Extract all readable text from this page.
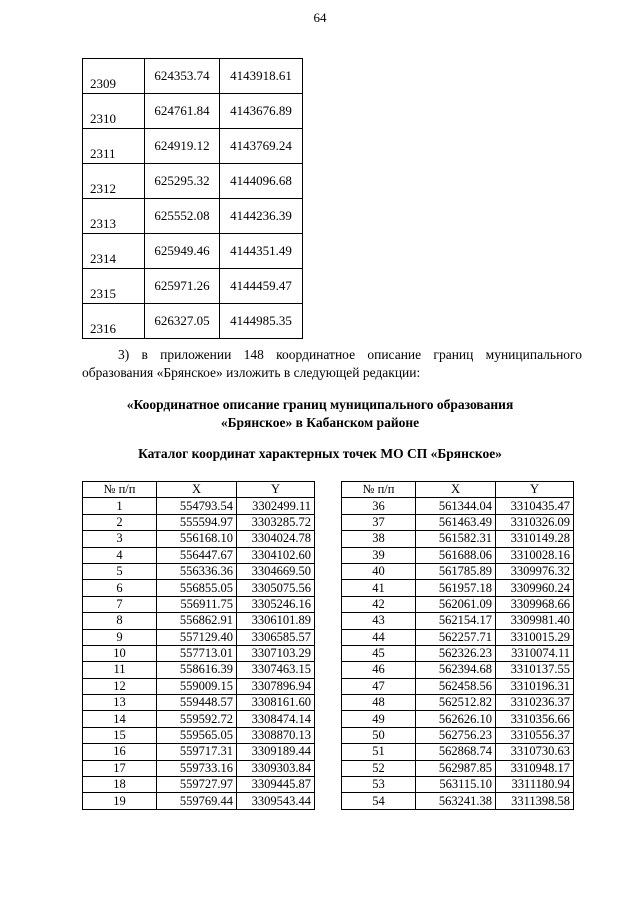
64
2309	624353.74	4143918.61
2310	624761.84	4143676.89
2311	624919.12	4143769.24
2312	625295.32	4144096.68
2313	625552.08	4144236.39
2314	625949.46	4144351.49
2315	625971.26	4144459.47
2316	626327.05	4144985.35
3) в приложении 148 координатное описание границ муниципального образования «Брянское» изложить в следующей редакции:
«Координатное описание границ муниципального образования
«Брянское» в Кабанском районе
Каталог координат характерных точек МО СП «Брянское»
№ п/п	X	Y
1	554793.54	3302499.11
2	555594.97	3303285.72
3	556168.10	3304024.78
4	556447.67	3304102.60
5	556336.36	3304669.50
6	556855.05	3305075.56
7	556911.75	3305246.16
8	556862.91	3306101.89
9	557129.40	3306585.57
10	557713.01	3307103.29
11	558616.39	3307463.15
12	559009.15	3307896.94
13	559448.57	3308161.60
14	559592.72	3308474.14
15	559565.05	3308870.13
16	559717.31	3309189.44
17	559733.16	3309303.84
18	559727.97	3309445.87
19	559769.44	3309543.44
№ п/п	X	Y
36	561344.04	3310435.47
37	561463.49	3310326.09
38	561582.31	3310149.28
39	561688.06	3310028.16
40	561785.89	3309976.32
41	561957.18	3309960.24
42	562061.09	3309968.66
43	562154.17	3309981.40
44	562257.71	3310015.29
45	562326.23	3310074.11
46	562394.68	3310137.55
47	562458.56	3310196.31
48	562512.82	3310236.37
49	562626.10	3310356.66
50	562756.23	3310556.37
51	562868.74	3310730.63
52	562987.85	3310948.17
53	563115.10	3311180.94
54	563241.38	3311398.58
